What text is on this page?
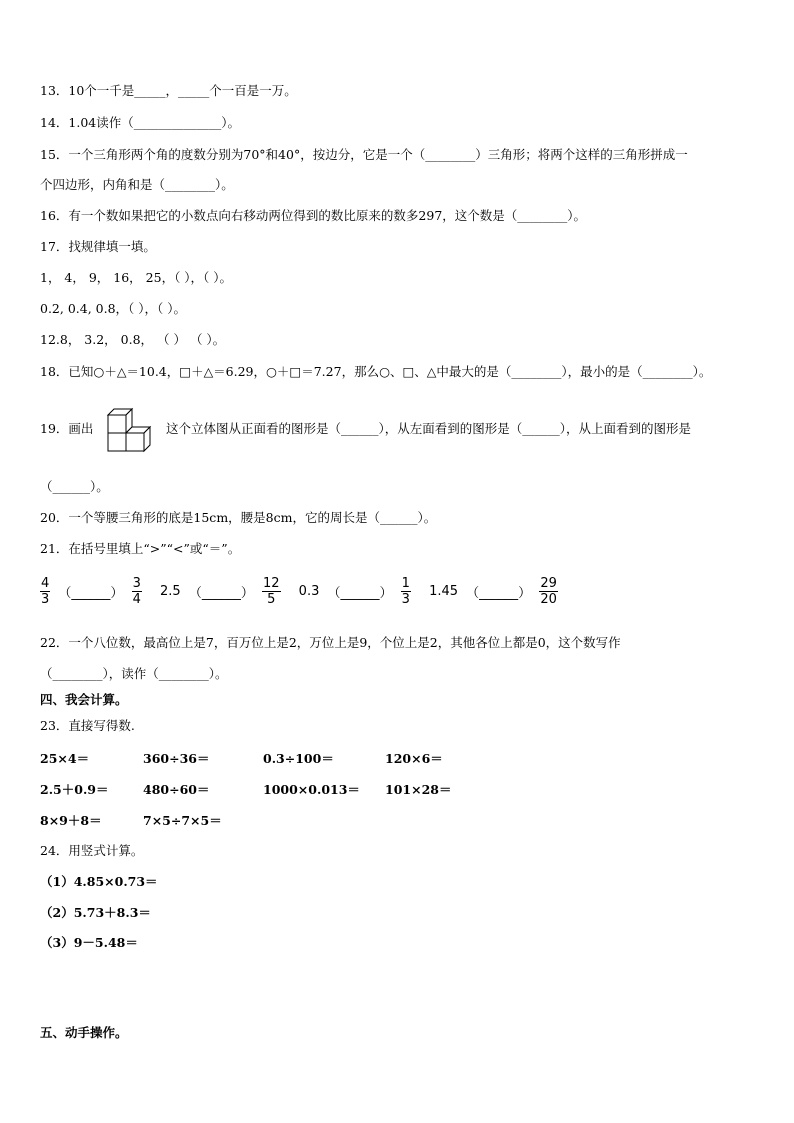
13．10个一千是_____，_____个一百是一万。
14．1.04读作（______________）。
15．一个三角形两个角的度数分别为70°和40°，按边分，它是一个（________）三角形；将两个这样的三角形拼成一
个四边形，内角和是（________）。
16．有一个数如果把它的小数点向右移动两位得到的数比原来的数多297，这个数是（________）。
17．找规律填一填。
1， 4， 9， 16， 25，（ ），（ ）。
0.2, 0.4, 0.8，（ ），（ ）。
12.8， 3.2， 0.8， （ ） （ ）。
18．已知○＋△＝10.4，□＋△＝6.29，○＋□＝7.27，那么○、□、△中最大的是（________），最小的是（________）。
19．画出	这个立体图从正面看的图形是（______），从左面看到的图形是（______），从上面看到的图形是
（______）。
20．一个等腰三角形的底是15cm，腰是8cm，它的周长是（______）。
21．在括号里填上“>”“<”或“＝”。
$\frac{4}{3}$ （______） $\frac{3}{4} 2.5$ （______） $\frac{12}{5} 0.3$ （______） $\frac{1}{3} 1.45$ （______） $\frac{29}{20}$
22．一个八位数，最高位上是7，百万位上是2，万位上是9，个位上是2，其他各位上都是0，这个数写作
（________），读作（________）。
四、我会计算。
23．直接写得数.
25×4＝	360÷36＝	0.3÷100＝	120×6＝
2.5＋0.9＝	480÷60＝	1000×0.013＝ 101×28＝
8×9＋8＝	7×5÷7×5＝
24．用竖式计算。
（1）4.85×0.73＝
（2）5.73＋8.3＝
（3）9－5.48＝
五、动手操作。
